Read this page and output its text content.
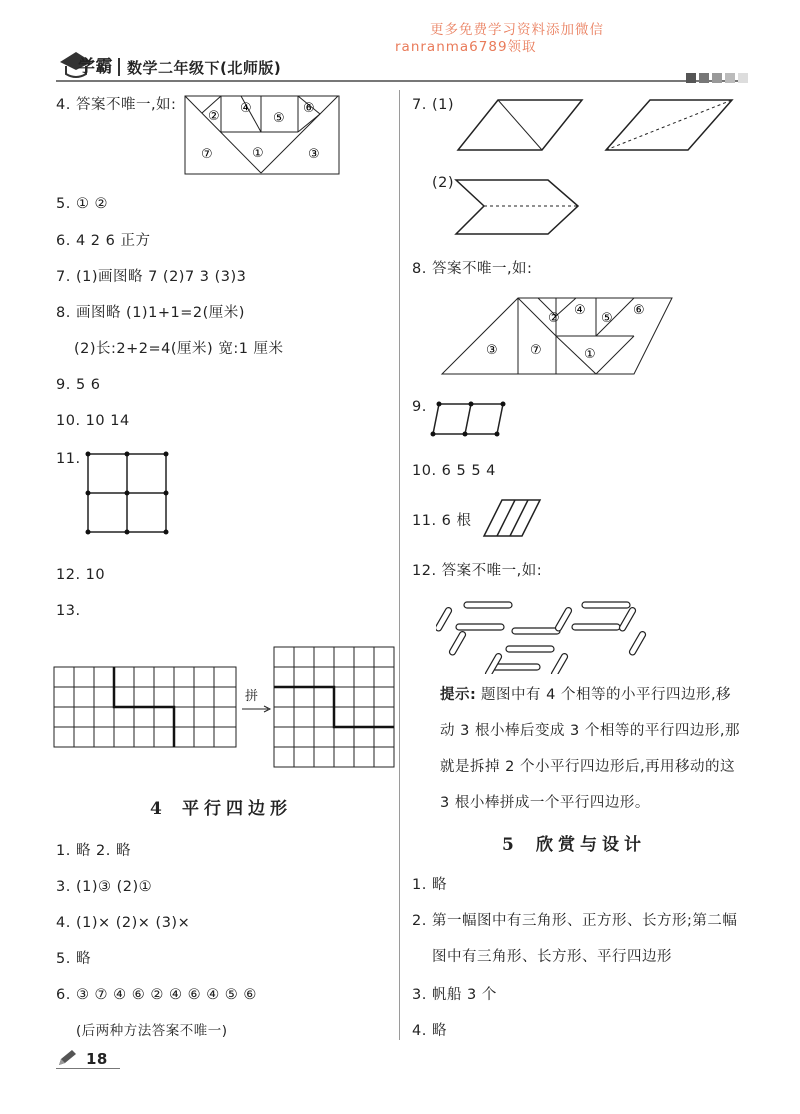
更多免费学习资料添加微信
ranranma6789领取
学霸 数学二年级下(北师版)
4. 答案不唯一,如:
②
④
⑤
⑥
⑦	①	③
5. ① ②
6. 4 2 6 正方
7. (1)画图略 7 (2)7 3 (3)3
8. 画图略 (1)1+1=2(厘米)
(2)长:2+2=4(厘米) 宽:1 厘米
9. 5 6
10. 10 14
11.
12. 10
13.
拼
4 平行四边形
1. 略 2. 略
3. (1)③ (2)①
4. (1)× (2)× (3)×
5. 略
6. ③ ⑦ ④ ⑥ ② ④ ⑥ ④ ⑤ ⑥
(后两种方法答案不唯一)
18
7. (1)
(2)
8. 答案不唯一,如:
②
④
⑤
⑥
③ ⑦	①
9.
10. 6 5 5 4
11. 6 根
12. 答案不唯一,如:
提示: 题图中有 4 个相等的小平行四边形,移
动 3 根小棒后变成 3 个相等的平行四边形,那
就是拆掉 2 个小平行四边形后,再用移动的这
3 根小棒拼成一个平行四边形。
5 欣赏与设计
1. 略
2. 第一幅图中有三角形、正方形、长方形;第二幅
图中有三角形、长方形、平行四边形
3. 帆船 3 个
4. 略
